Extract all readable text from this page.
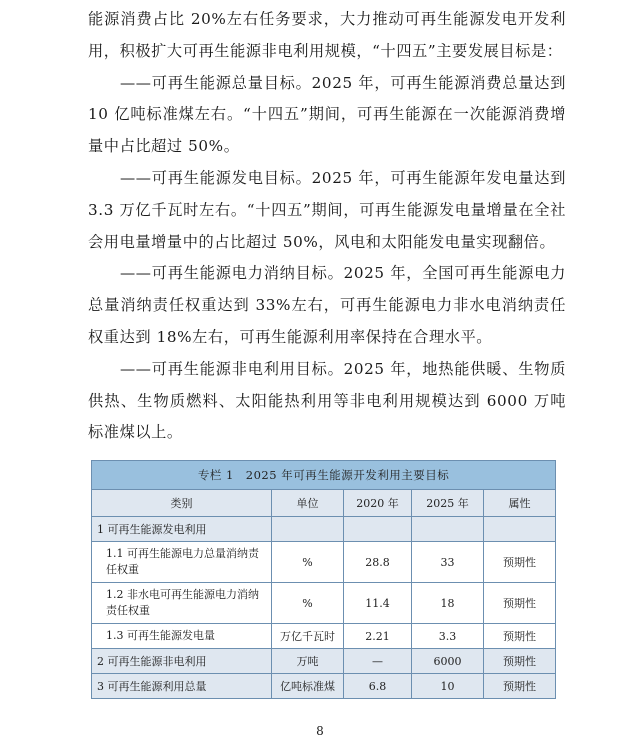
能源消费占比 20%左右任务要求，大力推动可再生能源发电开发利用，积极扩大可再生能源非电利用规模，“十四五”主要发展目标是：

——可再生能源总量目标。2025 年，可再生能源消费总量达到10 亿吨标准煤左右。“十四五”期间，可再生能源在一次能源消费增量中占比超过 50%。

——可再生能源发电目标。2025 年，可再生能源年发电量达到3.3 万亿千瓦时左右。“十四五”期间，可再生能源发电量增量在全社会用电量增量中的占比超过 50%，风电和太阳能发电量实现翻倍。

——可再生能源电力消纳目标。2025 年，全国可再生能源电力总量消纳责任权重达到 33%左右，可再生能源电力非水电消纳责任权重达到 18%左右，可再生能源利用率保持在合理水平。

——可再生能源非电利用目标。2025 年，地热能供暖、生物质供热、生物质燃料、太阳能热利用等非电利用规模达到 6000 万吨标准煤以上。

专栏 1　2025 年可再生能源开发利用主要目标				
类别	单位	2020 年	2025 年	属性
1 可再生能源发电利用				
1.1 可再生能源电力总量消纳责任权重	%	28.8	33	预期性
1.2 非水电可再生能源电力消纳责任权重	%	11.4	18	预期性
1.3 可再生能源发电量	万亿千瓦时	2.21	3.3	预期性
2 可再生能源非电利用	万吨	—	6000	预期性
3 可再生能源利用总量	亿吨标准煤	6.8	10	预期性
8
